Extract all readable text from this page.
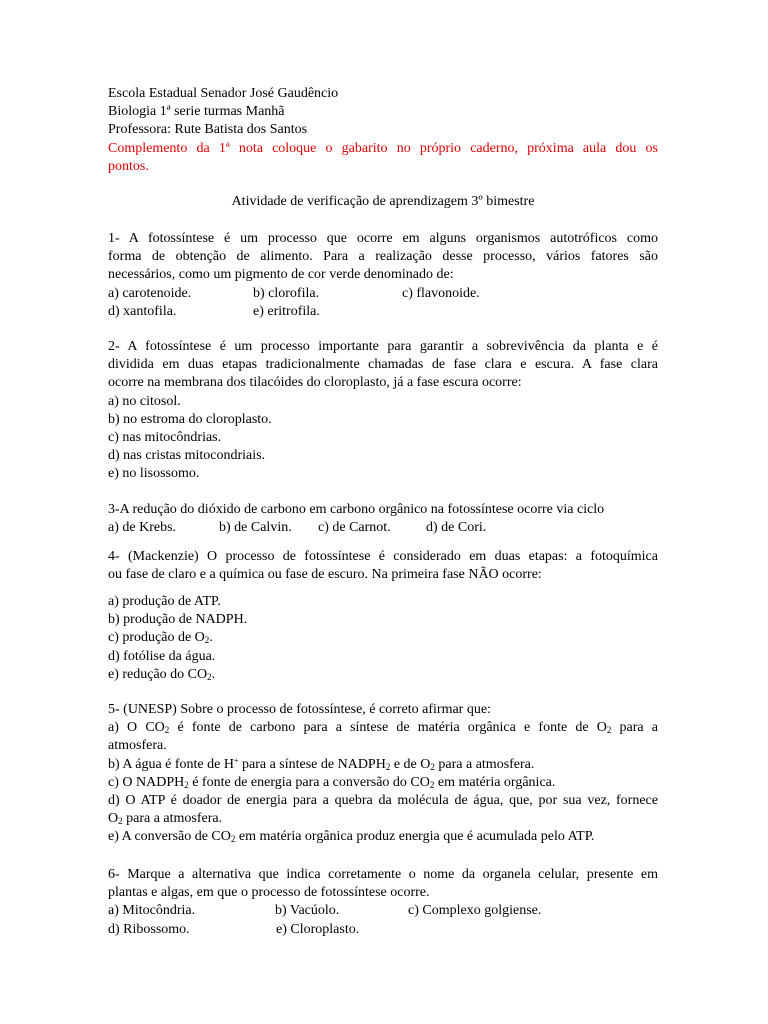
Escola Estadual Senador José Gaudêncio
Biologia 1ª serie turmas Manhã
Professora: Rute Batista dos Santos
Complemento da 1ª nota coloque o gabarito no próprio caderno, próxima aula dou os
pontos.
Atividade de verificação de aprendizagem 3º bimestre
1- A fotossíntese é um processo que ocorre em alguns organismos autotróficos como
forma de obtenção de alimento. Para a realização desse processo, vários fatores são
necessários, como um pigmento de cor verde denominado de:
a) carotenoide.	b) clorofila.	c) flavonoide.
d) xantofila.	e) eritrofila.
2- A fotossíntese é um processo importante para garantir a sobrevivência da planta e é
dividida em duas etapas tradicionalmente chamadas de fase clara e escura. A fase clara
ocorre na membrana dos tilacóides do cloroplasto, já a fase escura ocorre:
a) no citosol.
b) no estroma do cloroplasto.
c) nas mitocôndrias.
d) nas cristas mitocondriais.
e) no lisossomo.
3-A redução do dióxido de carbono em carbono orgânico na fotossíntese ocorre via ciclo
a) de Krebs.	b) de Calvin. c) de Carnot.	d) de Cori.
4- (Mackenzie) O processo de fotossíntese é considerado em duas etapas: a fotoquímica
ou fase de claro e a química ou fase de escuro. Na primeira fase NÃO ocorre:
a) produção de ATP.
b) produção de NADPH.
c) produção de $O_2$.
d) fotólise da água.
e) redução do $CO_2$.
5- (UNESP) Sobre o processo de fotossíntese, é correto afirmar que:
a) O $CO_2$ é fonte de carbono para a síntese de matéria orgânica e fonte de $O_2$ para a
atmosfera.
b) A água é fonte de H+ para a síntese de $NADPH_2$ e de $O_2$ para a atmosfera.
c) O $NADPH_2$ é fonte de energia para a conversão do $CO_2$ em matéria orgânica.
d) O ATP é doador de energia para a quebra da molécula de água, que, por sua vez, fornece
$O_2$ para a atmosfera.
e) A conversão de $CO_2$ em matéria orgânica produz energia que é acumulada pelo ATP.
6- Marque a alternativa que indica corretamente o nome da organela celular, presente em
plantas e algas, em que o processo de fotossíntese ocorre.
a) Mitocôndria.	b) Vacúolo.	c) Complexo golgiense.
d) Ribossomo.	e) Cloroplasto.
